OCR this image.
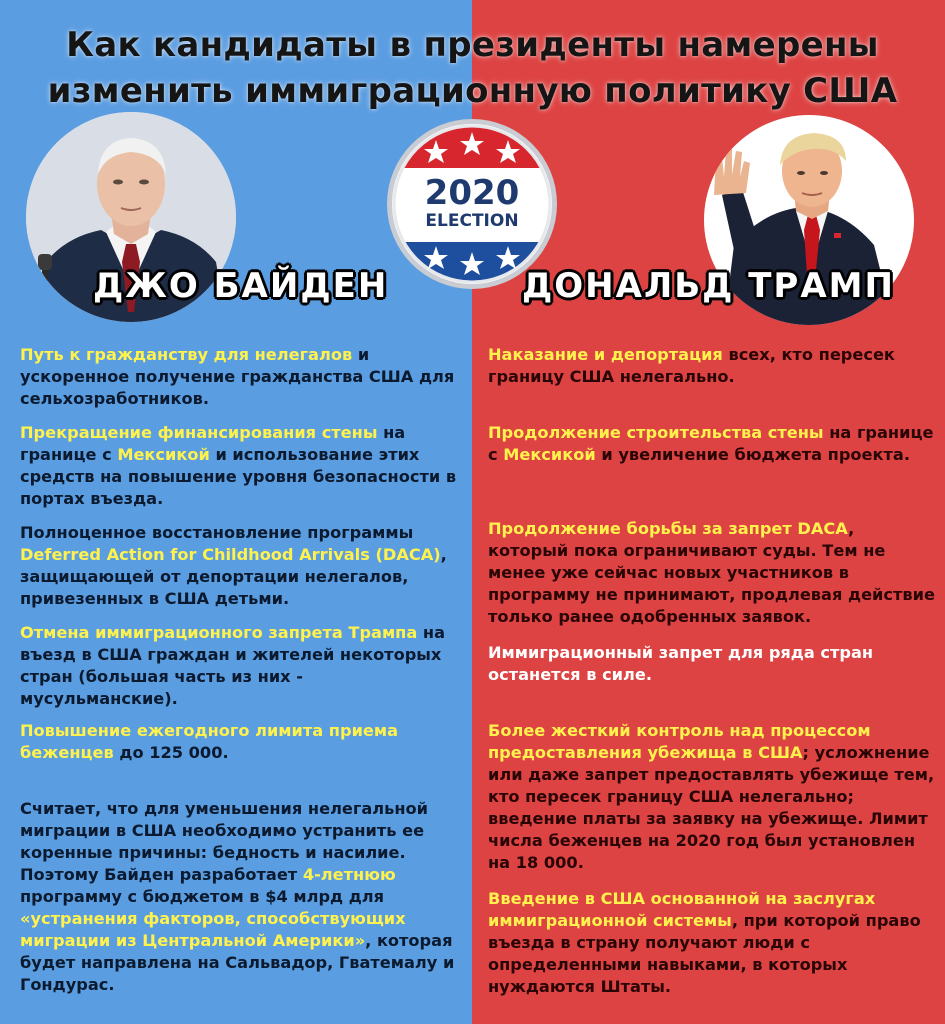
Как кандидаты в президенты намерены
изменить иммиграционную политику США
2020
ELECTION
ДЖО БАЙДЕН	ДОНАЛЬД ТРАМП
Путь к гражданству для нелегалов и ускоренное получение гражданства США для сельхозработников.
Прекращение финансирования стены на границе с Мексикой и использование этих средств на повышение уровня безопасности в портах въезда.
Полноценное восстановление программы Deferred Action for Childhood Arrivals (DACA), защищающей от депортации нелегалов, привезенных в США детьми.
Отмена иммиграционного запрета Трампа на въезд в США граждан и жителей некоторых стран (большая часть из них - мусульманские).
Повышение ежегодного лимита приема беженцев до 125 000.
Считает, что для уменьшения нелегальной миграции в США необходимо устранить ее коренные причины: бедность и насилие. Поэтому Байден разработает 4-летнюю программу с бюджетом в $4 млрд для «устранения факторов, способствующих миграции из Центральной Америки», которая будет направлена на Сальвадор, Гватемалу и Гондурас.
Наказание и депортация всех, кто пересек границу США нелегально.
Продолжение строительства стены на границе с Мексикой и увеличение бюджета проекта.
Продолжение борьбы за запрет DACA, который пока ограничивают суды. Тем не менее уже сейчас новых участников в программу не принимают, продлевая действие только ранее одобренных заявок.
Иммиграционный запрет для ряда стран останется в силе.
Более жесткий контроль над процессом предоставления убежища в США; усложнение или даже запрет предоставлять убежище тем, кто пересек границу США нелегально; введение платы за заявку на убежище. Лимит числа беженцев на 2020 год был установлен на 18 000.
Введение в США основанной на заслугах иммиграционной системы, при которой право въезда в страну получают люди с определенными навыками, в которых нуждаются Штаты.
